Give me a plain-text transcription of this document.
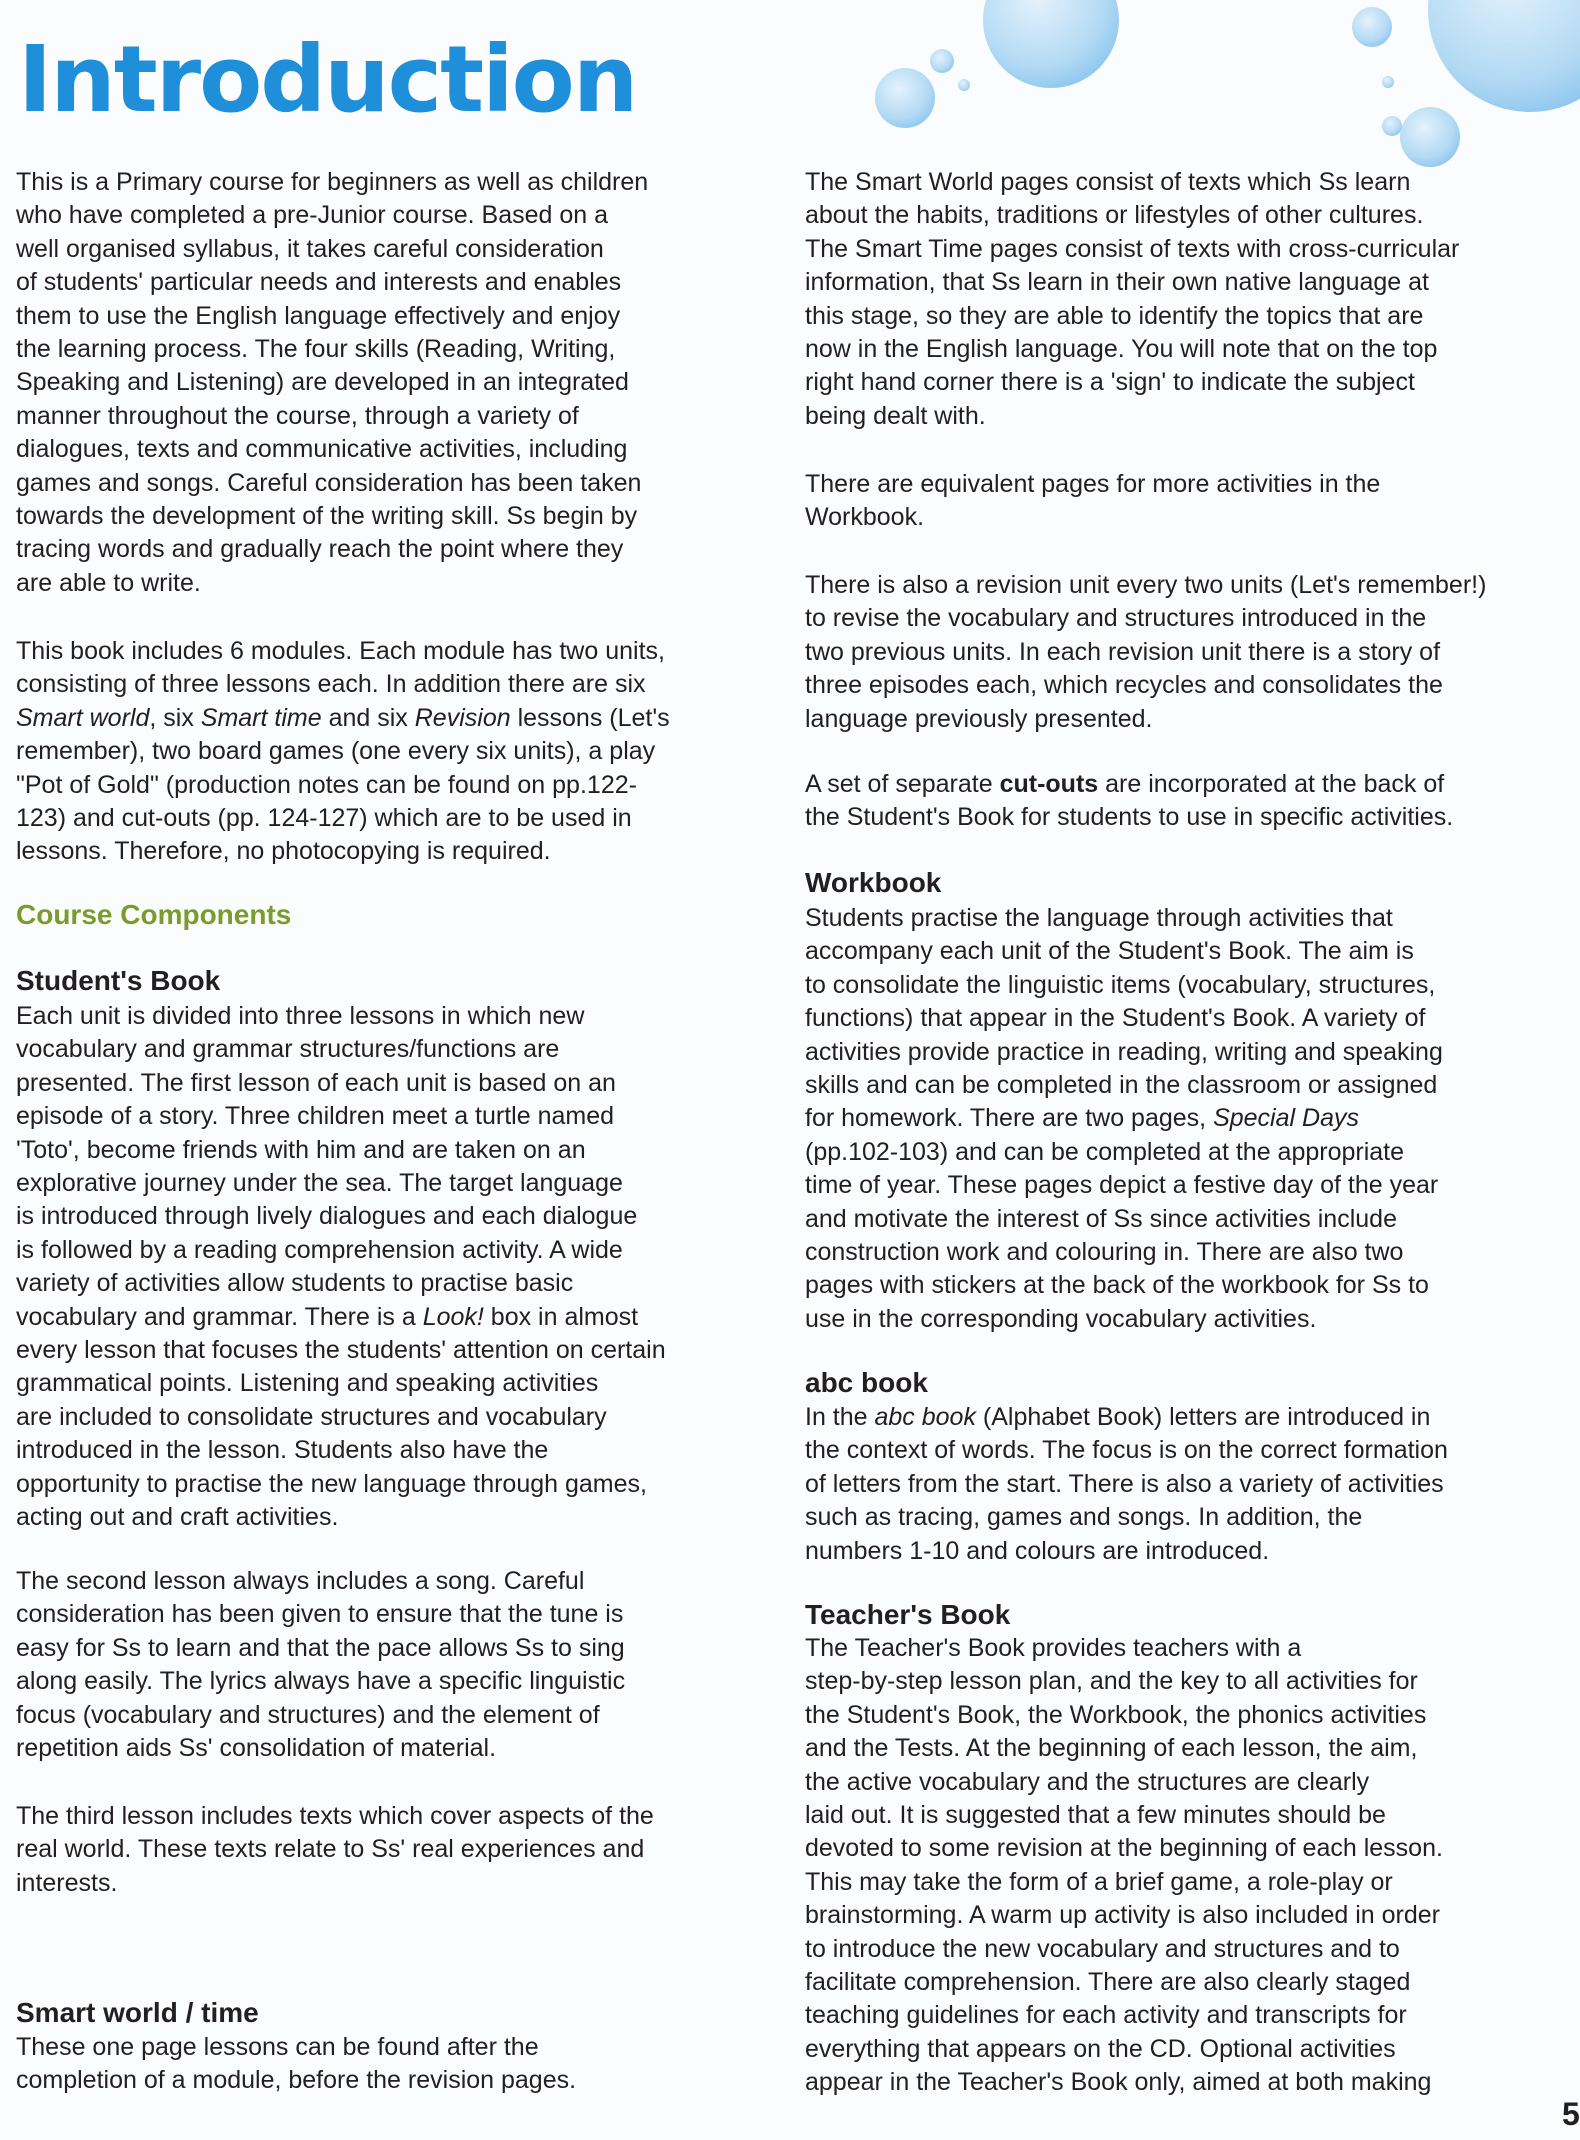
Introduction
This is a Primary course for beginners as well as children
who have completed a pre-Junior course. Based on a
well organised syllabus, it takes careful consideration
of students' particular needs and interests and enables
them to use the English language effectively and enjoy
the learning process. The four skills (Reading, Writing,
Speaking and Listening) are developed in an integrated
manner throughout the course, through a variety of
dialogues, texts and communicative activities, including
games and songs. Careful consideration has been taken
towards the development of the writing skill. Ss begin by
tracing words and gradually reach the point where they
are able to write.
This book includes 6 modules. Each module has two units,
consisting of three lessons each. In addition there are six
Smart world, six Smart time and six Revision lessons (Let's
remember), two board games (one every six units), a play
"Pot of Gold" (production notes can be found on pp.122-
123) and cut-outs (pp. 124-127) which are to be used in
lessons. Therefore, no photocopying is required.
Course Components
Student's Book
Each unit is divided into three lessons in which new
vocabulary and grammar structures/functions are
presented. The first lesson of each unit is based on an
episode of a story. Three children meet a turtle named
'Toto', become friends with him and are taken on an
explorative journey under the sea. The target language
is introduced through lively dialogues and each dialogue
is followed by a reading comprehension activity. A wide
variety of activities allow students to practise basic
vocabulary and grammar. There is a Look! box in almost
every lesson that focuses the students' attention on certain
grammatical points. Listening and speaking activities
are included to consolidate structures and vocabulary
introduced in the lesson. Students also have the
opportunity to practise the new language through games,
acting out and craft activities.
The second lesson always includes a song. Careful
consideration has been given to ensure that the tune is
easy for Ss to learn and that the pace allows Ss to sing
along easily. The lyrics always have a specific linguistic
focus (vocabulary and structures) and the element of
repetition aids Ss' consolidation of material.
The third lesson includes texts which cover aspects of the
real world. These texts relate to Ss' real experiences and
interests.
Smart world / time
These one page lessons can be found after the
completion of a module, before the revision pages.
The Smart World pages consist of texts which Ss learn
about the habits, traditions or lifestyles of other cultures.
The Smart Time pages consist of texts with cross-curricular
information, that Ss learn in their own native language at
this stage, so they are able to identify the topics that are
now in the English language. You will note that on the top
right hand corner there is a 'sign' to indicate the subject
being dealt with.
There are equivalent pages for more activities in the
Workbook.
There is also a revision unit every two units (Let's remember!)
to revise the vocabulary and structures introduced in the
two previous units. In each revision unit there is a story of
three episodes each, which recycles and consolidates the
language previously presented.
A set of separate cut-outs are incorporated at the back of
the Student's Book for students to use in specific activities.
Workbook
Students practise the language through activities that
accompany each unit of the Student's Book. The aim is
to consolidate the linguistic items (vocabulary, structures,
functions) that appear in the Student's Book. A variety of
activities provide practice in reading, writing and speaking
skills and can be completed in the classroom or assigned
for homework. There are two pages, Special Days
(pp.102-103) and can be completed at the appropriate
time of year. These pages depict a festive day of the year
and motivate the interest of Ss since activities include
construction work and colouring in. There are also two
pages with stickers at the back of the workbook for Ss to
use in the corresponding vocabulary activities.
abc book
In the abc book (Alphabet Book) letters are introduced in
the context of words. The focus is on the correct formation
of letters from the start. There is also a variety of activities
such as tracing, games and songs. In addition, the
numbers 1-10 and colours are introduced.
Teacher's Book
The Teacher's Book provides teachers with a
step-by-step lesson plan, and the key to all activities for
the Student's Book, the Workbook, the phonics activities
and the Tests. At the beginning of each lesson, the aim,
the active vocabulary and the structures are clearly
laid out. It is suggested that a few minutes should be
devoted to some revision at the beginning of each lesson.
This may take the form of a brief game, a role-play or
brainstorming. A warm up activity is also included in order
to introduce the new vocabulary and structures and to
facilitate comprehension. There are also clearly staged
teaching guidelines for each activity and transcripts for
everything that appears on the CD. Optional activities
appear in the Teacher's Book only, aimed at both making
5
